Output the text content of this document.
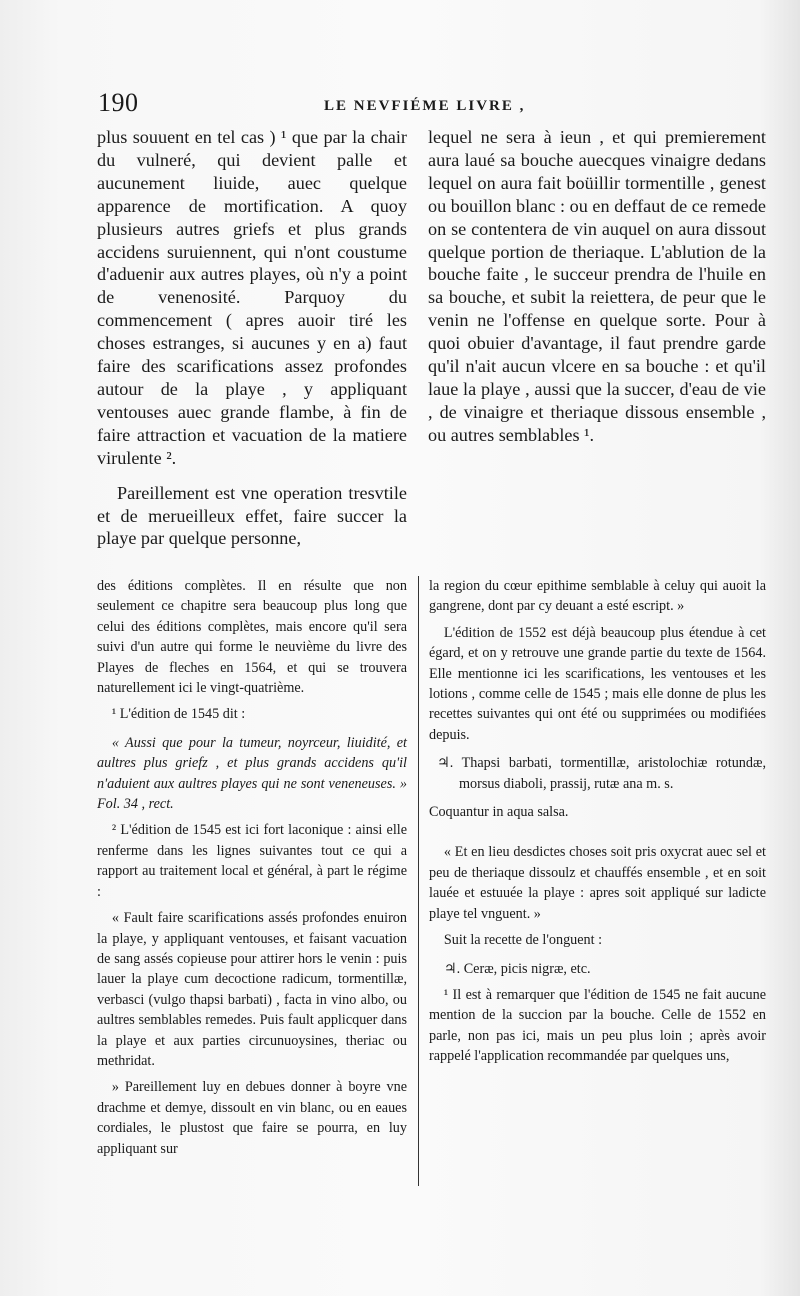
190	LE NEVFIÉME LIVRE ,

plus souuent en tel cas ) ¹ que par la chair du vulneré, qui devient palle et aucunement liuide, auec quelque apparence de mortification. A quoy plusieurs autres griefs et plus grands accidens suruiennent, qui n'ont coustume d'aduenir aux autres playes, où n'y a point de venenosité. Parquoy du commencement ( apres auoir tiré les choses estranges, si aucunes y en a) faut faire des scarifications assez profondes autour de la playe , y appliquant ventouses auec grande flambe, à fin de faire attraction et vacuation de la matiere virulente ².

Pareillement est vne operation tresvtile et de merueilleux effet, faire succer la playe par quelque personne,

lequel ne sera à ieun , et qui premierement aura laué sa bouche auecques vinaigre dedans lequel on aura fait boüillir tormentille , genest ou bouillon blanc : ou en deffaut de ce remede on se contentera de vin auquel on aura dissout quelque portion de theriaque. L'ablution de la bouche faite , le succeur prendra de l'huile en sa bouche, et subit la reiettera, de peur que le venin ne l'offense en quelque sorte. Pour à quoi obuier d'avantage, il faut prendre garde qu'il n'ait aucun vlcere en sa bouche : et qu'il laue la playe , aussi que la succer, d'eau de vie , de vinaigre et theriaque dissous ensemble , ou autres semblables ¹.

des éditions complètes. Il en résulte que non seulement ce chapitre sera beaucoup plus long que celui des éditions complètes, mais encore qu'il sera suivi d'un autre qui forme le neuvième du livre des Playes de fleches en 1564, et qui se trouvera naturellement ici le vingt-quatrième.

¹ L'édition de 1545 dit :

« Aussi que pour la tumeur, noyrceur, liuidité, et aultres plus griefz , et plus grands accidens qu'il n'aduient aux aultres playes qui ne sont veneneuses. » Fol. 34 , rect.

² L'édition de 1545 est ici fort laconique : ainsi elle renferme dans les lignes suivantes tout ce qui a rapport au traitement local et général, à part le régime :

« Fault faire scarifications assés profondes enuiron la playe, y appliquant ventouses, et faisant vacuation de sang assés copieuse pour attirer hors le venin : puis lauer la playe cum decoctione radicum, tormentillæ, verbasci (vulgo thapsi barbati) , facta in vino albo, ou aultres semblables remedes. Puis fault applicquer dans la playe et aux parties circunuoysines, theriac ou methridat.

» Pareillement luy en debues donner à boyre vne drachme et demye, dissoult en vin blanc, ou en eaues cordiales, le plustost que faire se pourra, en luy appliquant sur

la region du cœur epithime semblable à celuy qui auoit la gangrene, dont par cy deuant a esté escript. »

L'édition de 1552 est déjà beaucoup plus étendue à cet égard, et on y retrouve une grande partie du texte de 1564. Elle mentionne ici les scarifications, les ventouses et les lotions , comme celle de 1545 ; mais elle donne de plus les recettes suivantes qui ont été ou supprimées ou modifiées depuis.

♃. Thapsi barbati, tormentillæ, aristolochiæ rotundæ, morsus diaboli, prassij, rutæ ana m. s.

Coquantur in aqua salsa.

« Et en lieu desdictes choses soit pris oxycrat auec sel et peu de theriaque dissoulz et chauffés ensemble , et en soit lauée et estuuée la playe : apres soit appliqué sur ladicte playe tel vnguent. »

Suit la recette de l'onguent :

♃. Ceræ, picis nigræ, etc.

¹ Il est à remarquer que l'édition de 1545 ne fait aucune mention de la succion par la bouche. Celle de 1552 en parle, non pas ici, mais un peu plus loin ; après avoir rappelé l'application recommandée par quelques uns,
